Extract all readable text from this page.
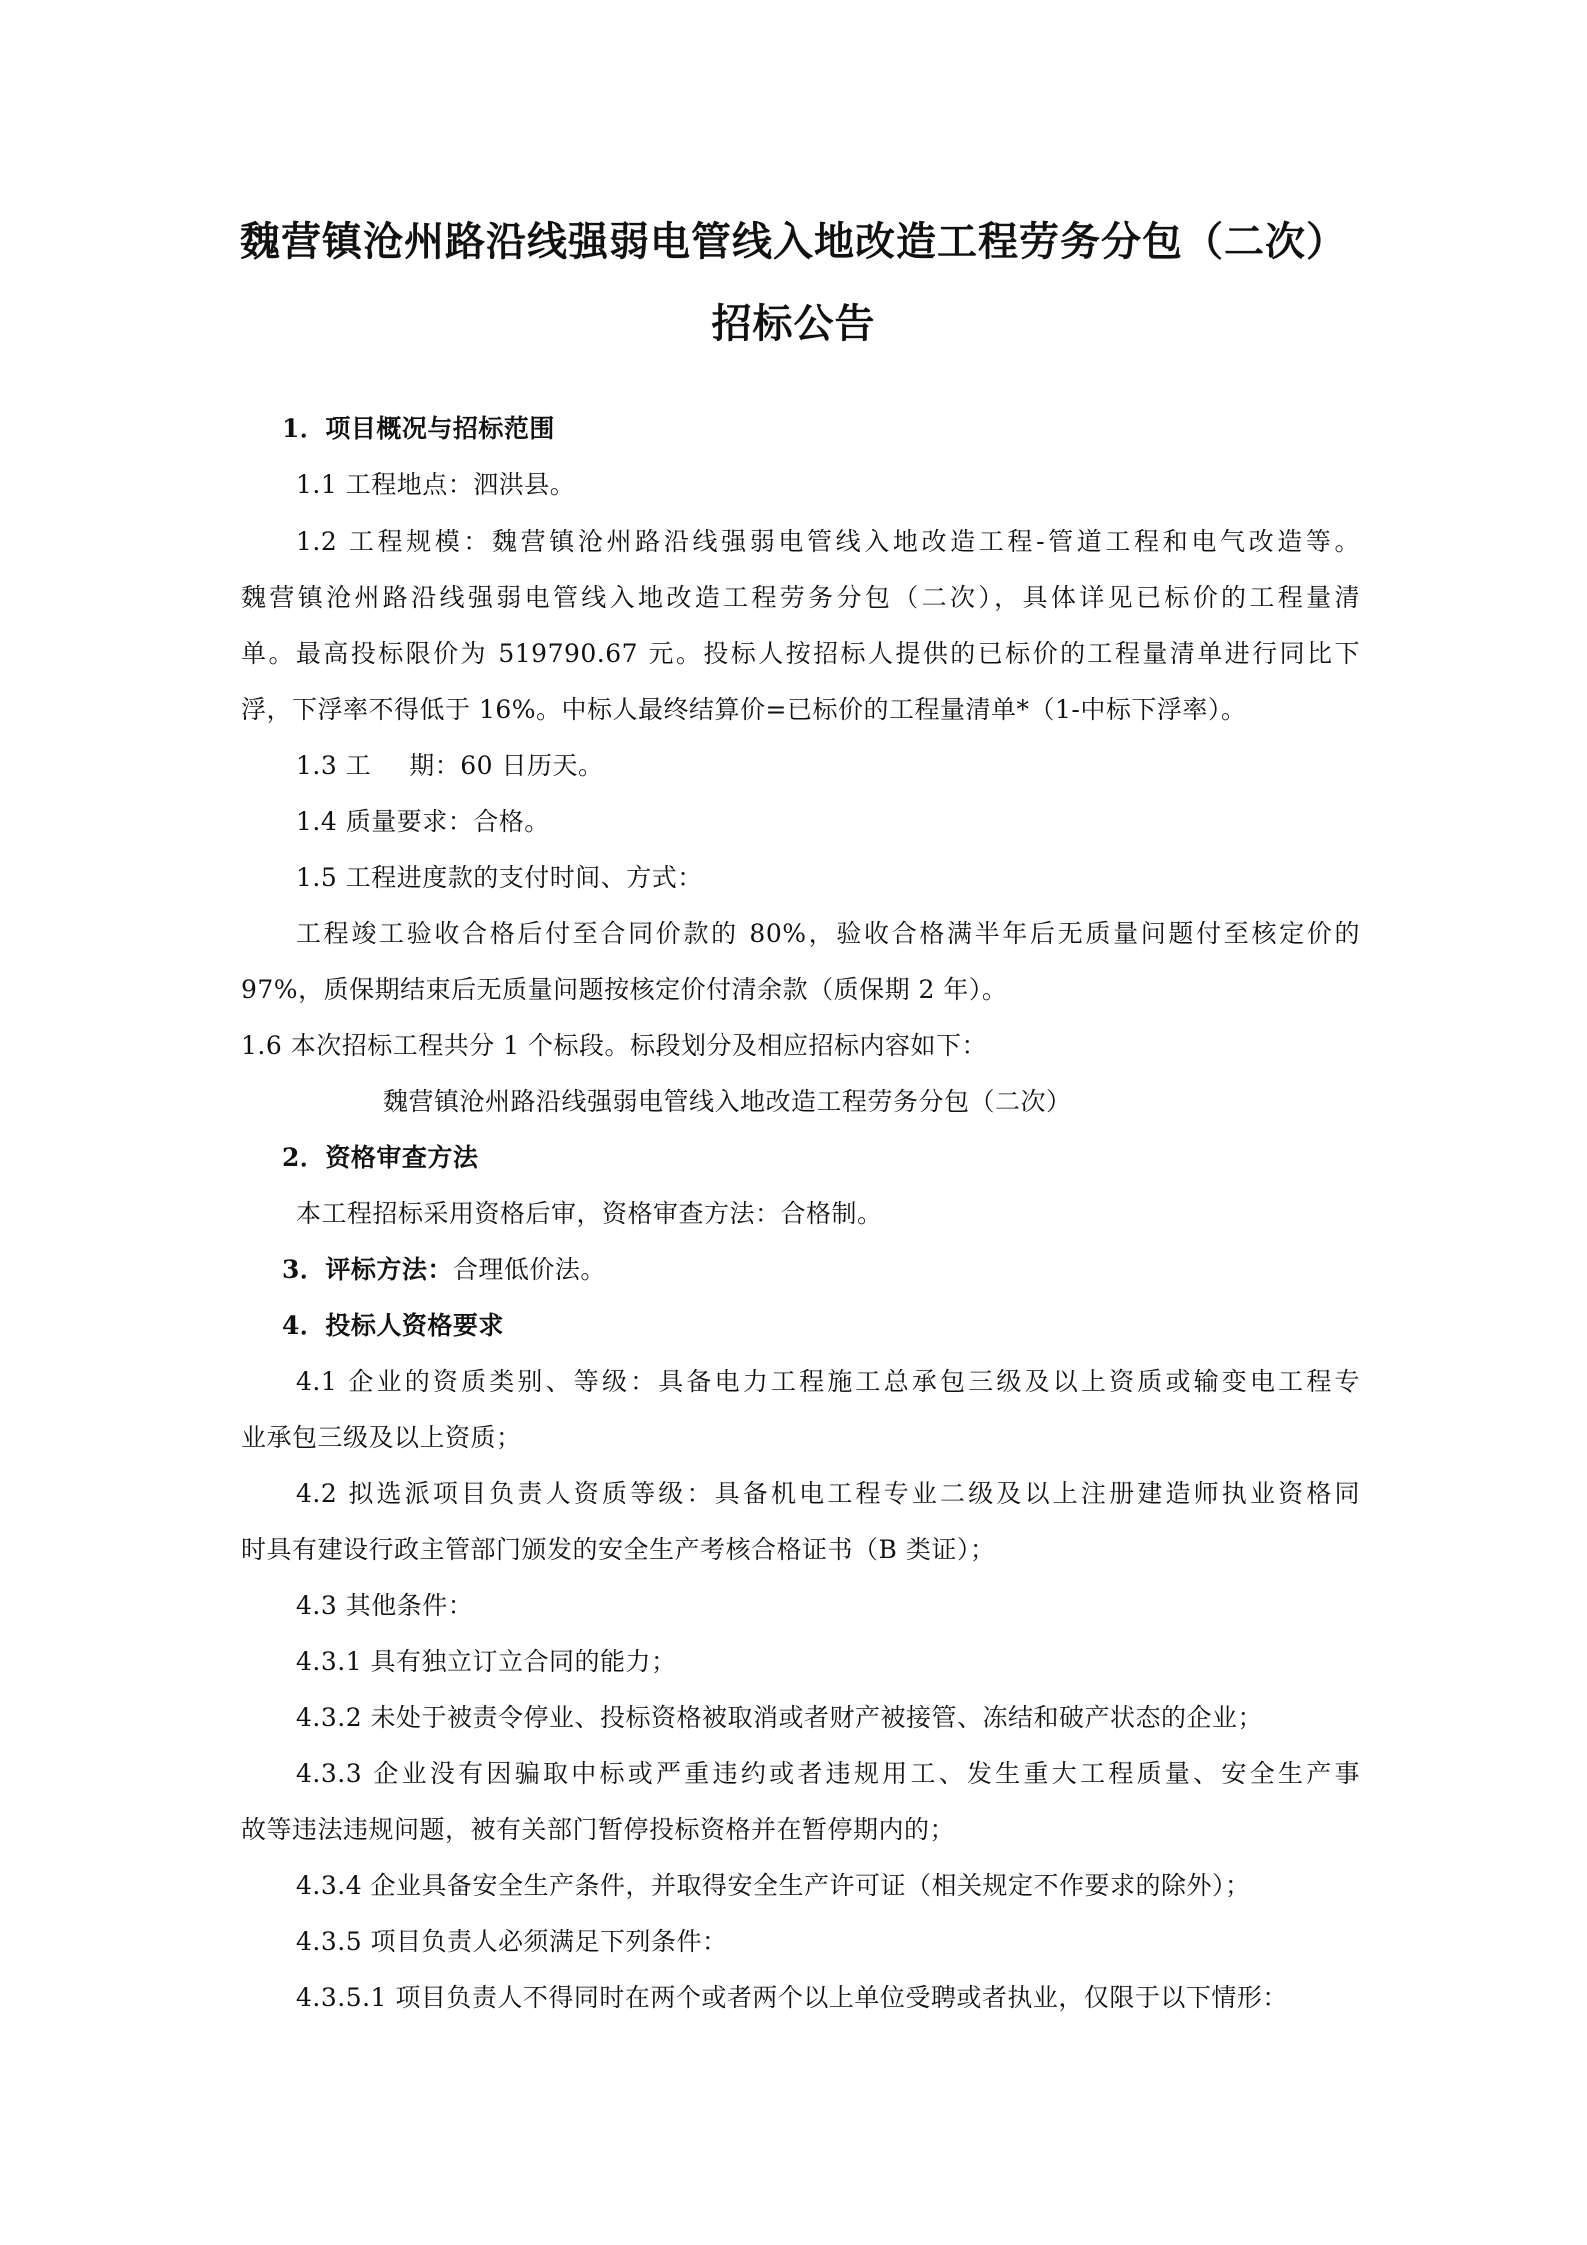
魏营镇沧州路沿线强弱电管线入地改造工程劳务分包（二次）
招标公告
1．项目概况与招标范围
1.1 工程地点：泗洪县。
1.2 工程规模：魏营镇沧州路沿线强弱电管线入地改造工程-管道工程和电气改造等。
魏营镇沧州路沿线强弱电管线入地改造工程劳务分包（二次），具体详见已标价的工程量清
单。最高投标限价为 519790.67 元。投标人按招标人提供的已标价的工程量清单进行同比下
浮，下浮率不得低于 16%。中标人最终结算价=已标价的工程量清单*（1-中标下浮率）。
1.3 工 期：60 日历天。
1.4 质量要求：合格。
1.5 工程进度款的支付时间、方式：
工程竣工验收合格后付至合同价款的 80%，验收合格满半年后无质量问题付至核定价的
97%，质保期结束后无质量问题按核定价付清余款（质保期 2 年）。
1.6 本次招标工程共分 1 个标段。标段划分及相应招标内容如下：
魏营镇沧州路沿线强弱电管线入地改造工程劳务分包（二次）
2．资格审查方法
本工程招标采用资格后审，资格审查方法：合格制。
3．评标方法：合理低价法。
4．投标人资格要求
4.1 企业的资质类别、等级：具备电力工程施工总承包三级及以上资质或输变电工程专
业承包三级及以上资质；
4.2 拟选派项目负责人资质等级：具备机电工程专业二级及以上注册建造师执业资格同
时具有建设行政主管部门颁发的安全生产考核合格证书（B 类证）；
4.3 其他条件：
4.3.1 具有独立订立合同的能力；
4.3.2 未处于被责令停业、投标资格被取消或者财产被接管、冻结和破产状态的企业；
4.3.3 企业没有因骗取中标或严重违约或者违规用工、发生重大工程质量、安全生产事
故等违法违规问题，被有关部门暂停投标资格并在暂停期内的；
4.3.4 企业具备安全生产条件，并取得安全生产许可证（相关规定不作要求的除外）；
4.3.5 项目负责人必须满足下列条件：
4.3.5.1 项目负责人不得同时在两个或者两个以上单位受聘或者执业，仅限于以下情形：
